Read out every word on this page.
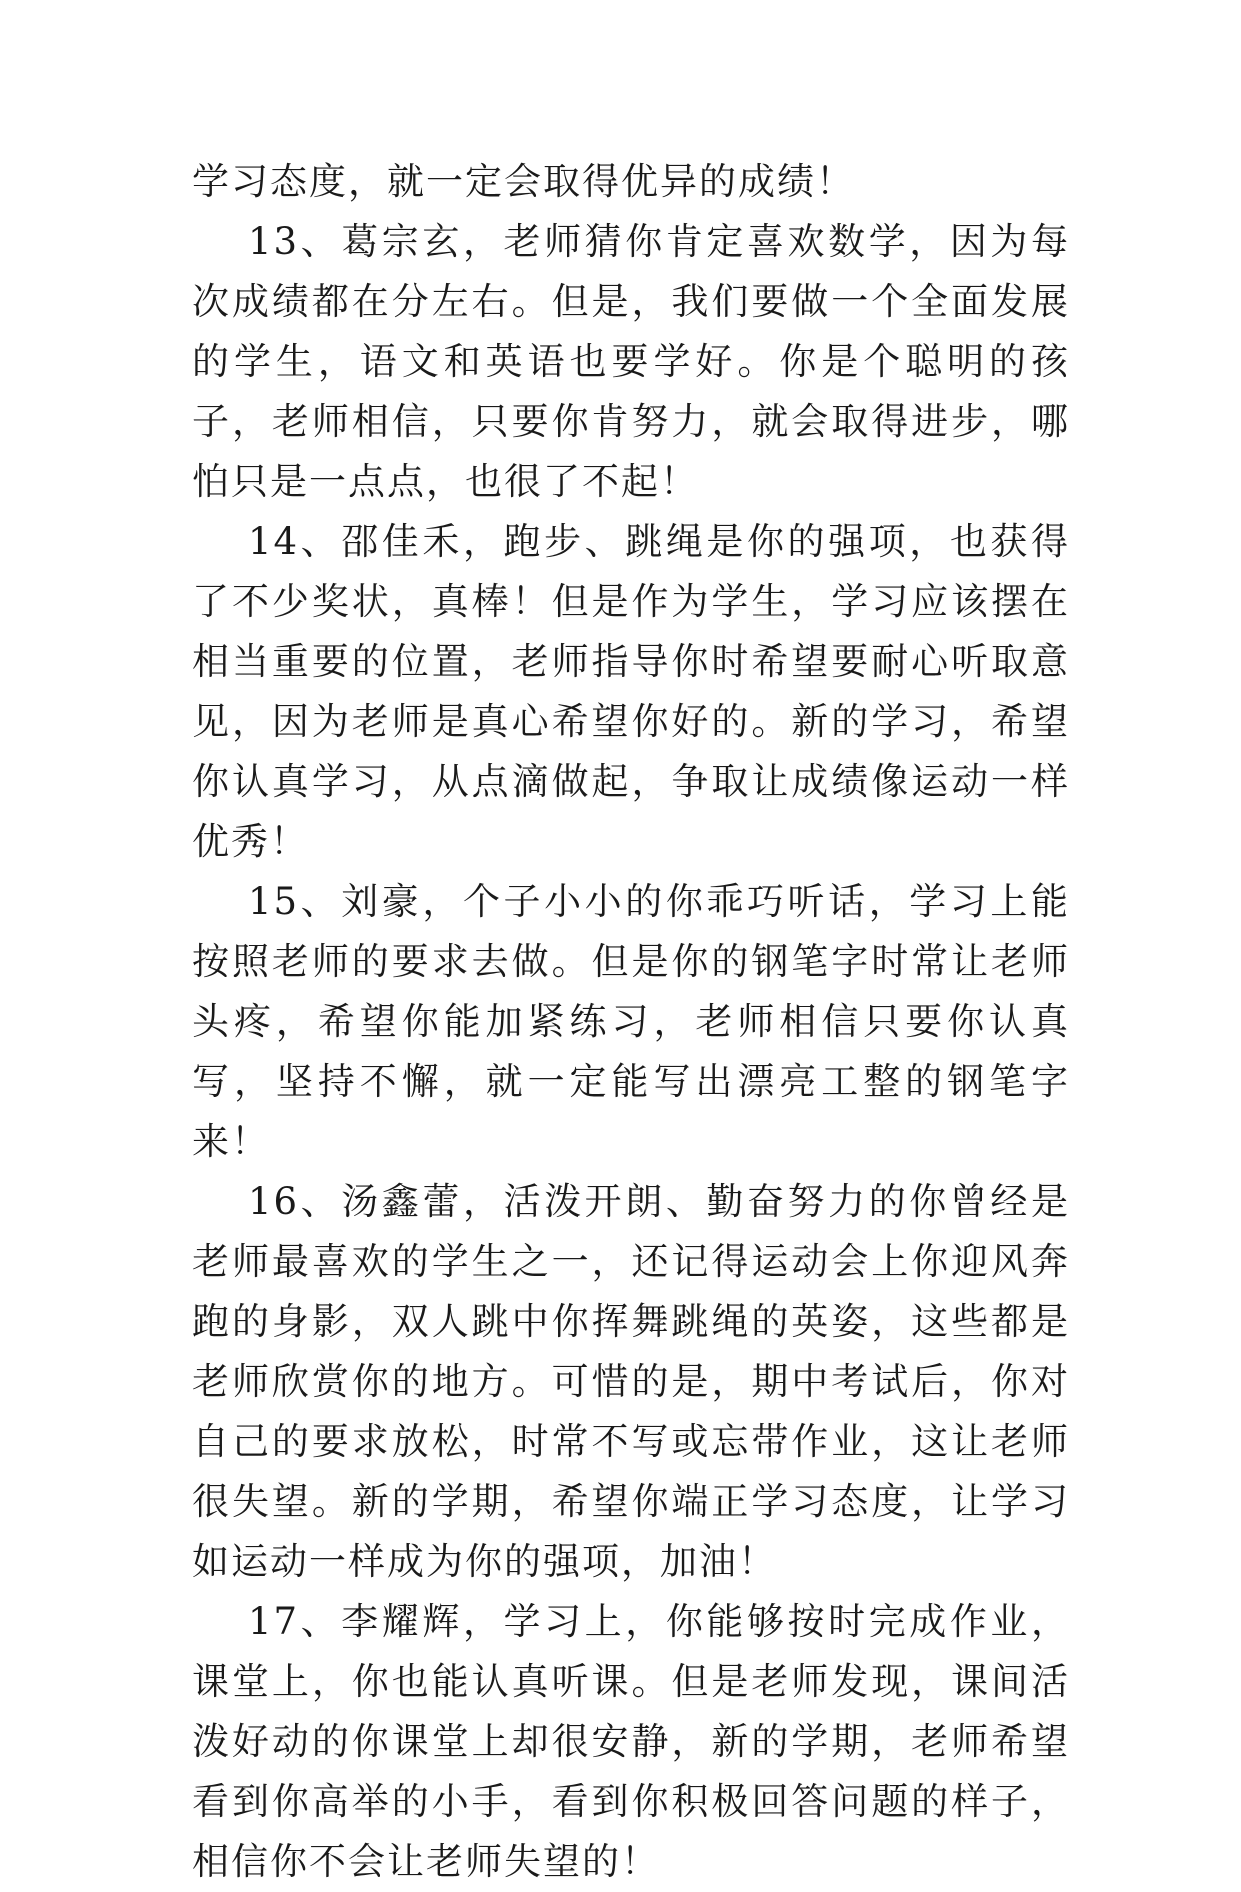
学习态度，就一定会取得优异的成绩！

13、葛宗玄，老师猜你肯定喜欢数学，因为每次成绩都在分左右。但是，我们要做一个全面发展的学生，语文和英语也要学好。你是个聪明的孩子，老师相信，只要你肯努力，就会取得进步，哪怕只是一点点，也很了不起！

14、邵佳禾，跑步、跳绳是你的强项，也获得了不少奖状，真棒！但是作为学生，学习应该摆在相当重要的位置，老师指导你时希望要耐心听取意见，因为老师是真心希望你好的。新的学习，希望你认真学习，从点滴做起，争取让成绩像运动一样优秀！

15、刘豪，个子小小的你乖巧听话，学习上能按照老师的要求去做。但是你的钢笔字时常让老师头疼，希望你能加紧练习，老师相信只要你认真写，坚持不懈，就一定能写出漂亮工整的钢笔字来！

16、汤鑫蕾，活泼开朗、勤奋努力的你曾经是老师最喜欢的学生之一，还记得运动会上你迎风奔跑的身影，双人跳中你挥舞跳绳的英姿，这些都是老师欣赏你的地方。可惜的是，期中考试后，你对自己的要求放松，时常不写或忘带作业，这让老师很失望。新的学期，希望你端正学习态度，让学习如运动一样成为你的强项，加油！

17、李耀辉，学习上，你能够按时完成作业，课堂上，你也能认真听课。但是老师发现，课间活泼好动的你课堂上却很安静，新的学期，老师希望看到你高举的小手，看到你积极回答问题的样子，相信你不会让老师失望的！
